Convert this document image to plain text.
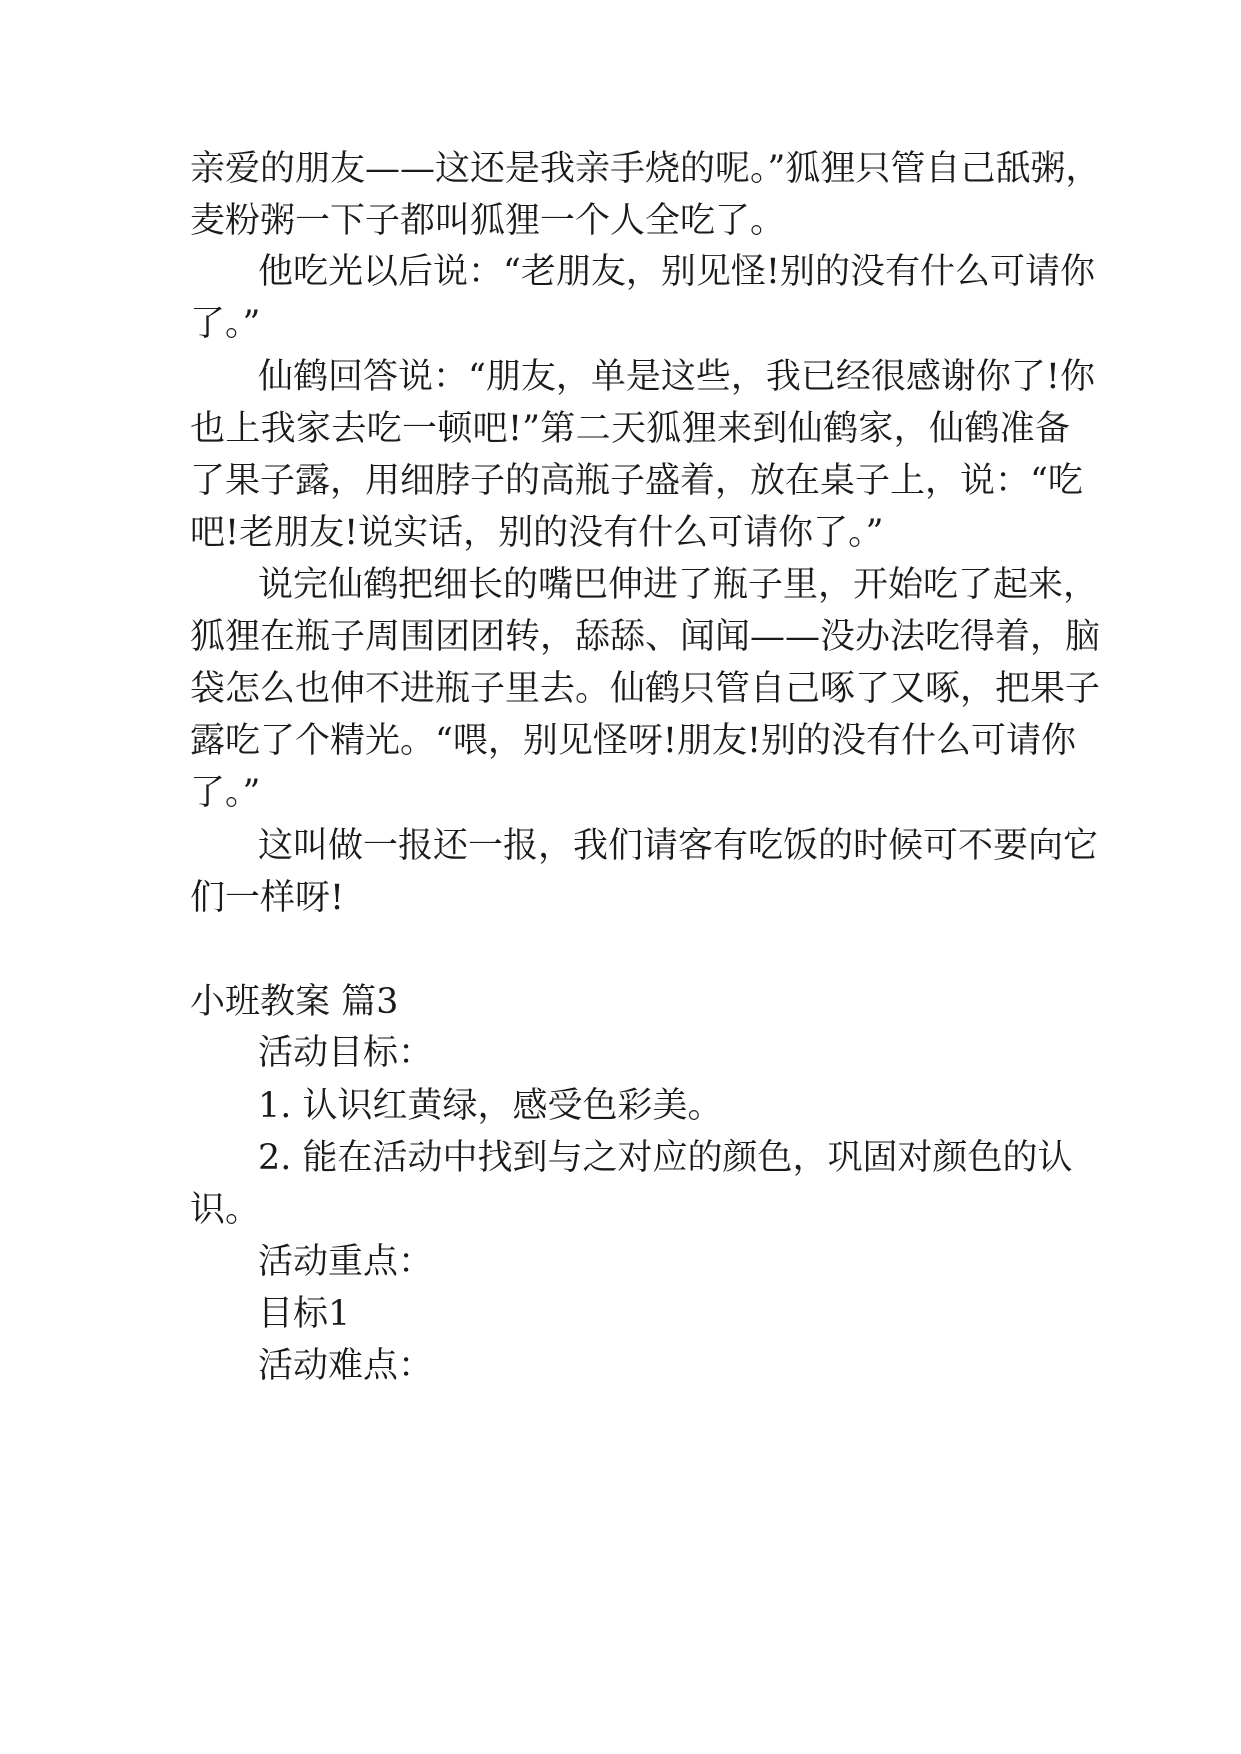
亲爱的朋友——这还是我亲手烧的呢。”狐狸只管自己舐粥，
麦粉粥一下子都叫狐狸一个人全吃了。
他吃光以后说：“老朋友，别见怪!别的没有什么可请你
了。”
仙鹤回答说：“朋友，单是这些，我已经很感谢你了!你
也上我家去吃一顿吧!”第二天狐狸来到仙鹤家，仙鹤准备
了果子露，用细脖子的高瓶子盛着，放在桌子上，说：“吃
吧!老朋友!说实话，别的没有什么可请你了。”
说完仙鹤把细长的嘴巴伸进了瓶子里，开始吃了起来，
狐狸在瓶子周围团团转，舔舔、闻闻——没办法吃得着，脑
袋怎么也伸不进瓶子里去。仙鹤只管自己啄了又啄，把果子
露吃了个精光。“喂，别见怪呀!朋友!别的没有什么可请你
了。”
这叫做一报还一报，我们请客有吃饭的时候可不要向它
们一样呀!
小班教案 篇3
活动目标：
1. 认识红黄绿，感受色彩美。
2. 能在活动中找到与之对应的颜色，巩固对颜色的认
识。
活动重点：
目标1
活动难点：
